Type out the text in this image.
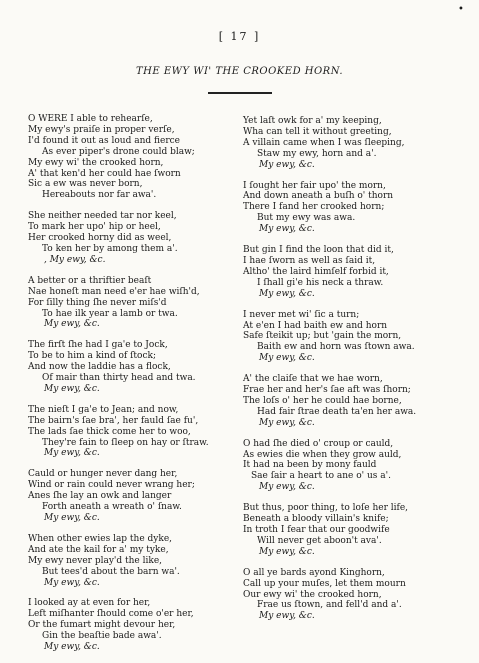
•
[ 17 ]
THE EWY WI' THE CROOKED HORN.
O WERE I able to rehearſe,
My ewy's praiſe in proper verſe,
I'd found it out as loud and fierce
As ever piper's drone could blaw;
My ewy wi' the crooked horn,
A' that ken'd her could hae ſworn
Sic a ew was never born,
Hereabouts nor far awa'.
She neither needed tar nor keel,
To mark her upo' hip or heel,
Her crooked horny did as weel,
To ken her by among them a'.
, My ewy, &c.
A better or a thriftier beaſt
Nae honeſt man need e'er hae wiſh'd,
For ſilly thing ſhe never miſs'd
To hae ilk year a lamb or twa.
My ewy, &c.
The firſt ſhe had I ga'e to Jock,
To be to him a kind of ſtock;
And now the laddie has a flock,
Of mair than thirty head and twa.
My ewy, &c.
The nieſt I ga'e to Jean; and now,
The bairn's ſae bra', her fauld ſae fu',
The lads ſae thick come her to woo,
They're fain to ſleep on hay or ſtraw.
My ewy, &c.
Cauld or hunger never dang her,
Wind or rain could never wrang her;
Anes ſhe lay an owk and langer
Forth aneath a wreath o' ſnaw.
My ewy, &c.
When other ewies lap the dyke,
And ate the kail for a' my tyke,
My ewy never play'd the like,
But tees'd about the barn wa'.
My ewy, &c.
I looked ay at even for her,
Left miſhanter ſhould come o'er her,
Or the fumart might devour her,
Gin the beaſtie bade awa'.
My ewy, &c.
Yet laſt owk for a' my keeping,
Wha can tell it without greeting,
A villain came when I was ſleeping,
Staw my ewy, horn and a'.
My ewy, &c.
I ſought her fair upo' the morn,
And down aneath a buſh o' thorn
There I fand her crooked horn;
But my ewy was awa.
My ewy, &c.
But gin I find the loon that did it,
I hae ſworn as well as ſaid it,
Altho' the laird himſelf forbid it,
I ſhall gi'e his neck a thraw.
My ewy, &c.
I never met wi' ſic a turn;
At e'en I had baith ew and horn
Safe ſteikit up; but 'gain the morn,
Baith ew and horn was ſtown awa.
My ewy, &c.
A' the claiſe that we hae worn,
Frae her and her's ſae aft was ſhorn;
The loſs o' her he could hae borne,
Had fair ſtrae death ta'en her awa.
My ewy, &c.
O had ſhe died o' croup or cauld,
As ewies die when they grow auld,
It had na been by mony fauld
Sae ſair a heart to ane o' us a'.
My ewy, &c.
But thus, poor thing, to loſe her life,
Beneath a bloody villain's knife;
In troth I fear that our goodwife
Will never get aboon't ava'.
My ewy, &c.
O all ye bards ayond Kinghorn,
Call up your muſes, let them mourn
Our ewy wi' the crooked horn,
Frae us ſtown, and fell'd and a'.
My ewy, &c.
